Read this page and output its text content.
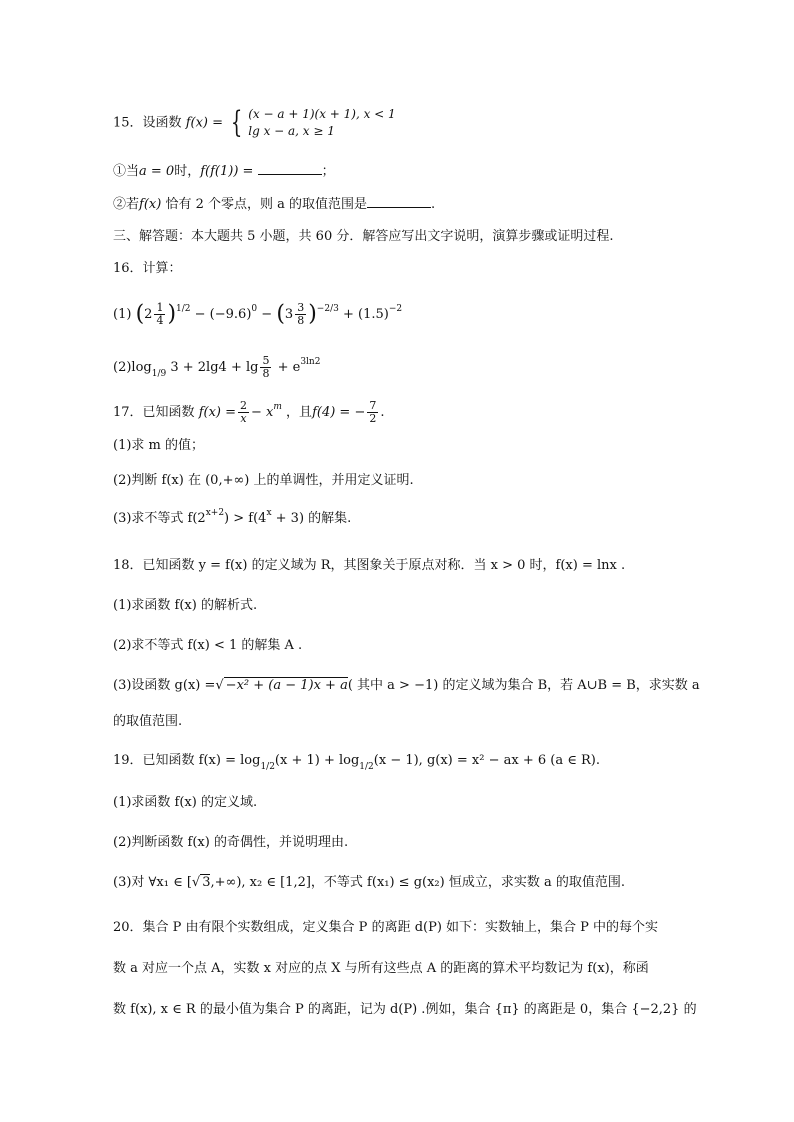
15．设函数 f(x) = { (x − a + 1)(x + 1), x < 1
lg x − a, x ≥ 1
①当a = 0时，f(f(1)) =	；
②若f(x) 恰有 2 个零点，则 a 的取值范围是	.
三、解答题：本大题共 5 小题，共 60 分．解答应写出文字说明，演算步骤或证明过程.
16．计算：
(1) $(2 \frac{1}{4} )^{1/2} - (-9.6)^0 - (3 \frac{3}{8} )^{-2/3} + (1.5)^{-2}$
$(2)\log_{1/9}$ $3 + 2\lg 4 + \lg \frac{5}{8} + e^{3ln2}$
17．已知函数 $f(x) = \frac{2}{x} - x^m$ ，且f(4) = − $\frac{7}{2}$ .
(1)求 m 的值；
(2)判断 f(x) 在 (0,+∞) 上的单调性，并用定义证明.
(3)求不等式 $f(2^{x+2}) > f(4^x + 3)$ 的解集.
18．已知函数 y = f(x) 的定义域为 R，其图象关于原点对称．当 x > 0 时，f(x) = lnx .
(1)求函数 f(x) 的解析式.
(2)求不等式 f(x) < 1 的解集 A .
(3)设函数 g(x) =√ −x² + (a − 1)x + a( 其中 a > −1) 的定义域为集合 B，若 A∪B = B，求实数 a
的取值范围.
19．已知函数 $f(x) = \log_{1/2}(x + 1) + \log_{1/2}(x - 1)$, g(x) = x² − ax + 6 (a ∈ R).
(1)求函数 f(x) 的定义域.
(2)判断函数 f(x) 的奇偶性，并说明理由.
(3)对 ∀x₁ ∈ [√ 3,+∞), x₂ ∈ [1,2]，不等式 f(x₁) ≤ g(x₂) 恒成立，求实数 a 的取值范围.
20．集合 P 由有限个实数组成，定义集合 P 的离距 d(P) 如下：实数轴上，集合 P 中的每个实
数 a 对应一个点 A，实数 x 对应的点 X 与所有这些点 A 的距离的算术平均数记为 f(x)，称函
数 f(x), x ∈ R 的最小值为集合 P 的离距，记为 d(P) .例如，集合 {π} 的离距是 0，集合 {−2,2} 的
